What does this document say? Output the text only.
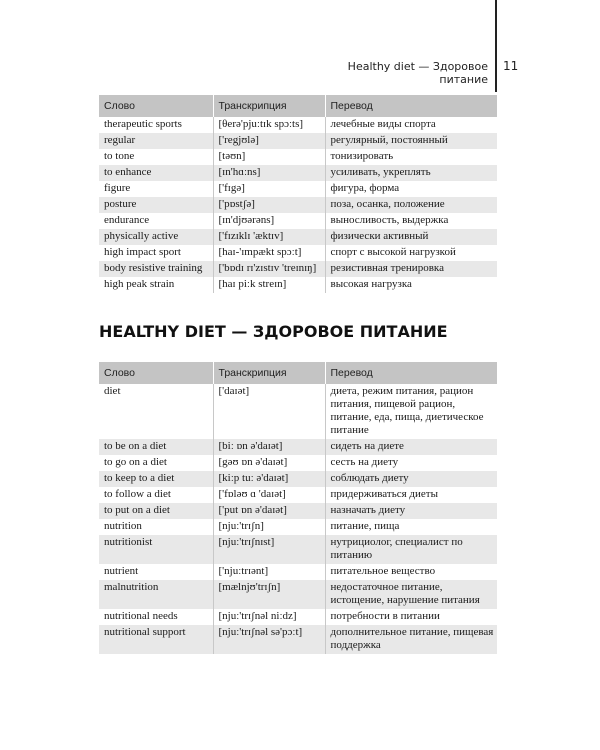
Healthy diet — Здоровое питание
11
Слово	Транскрипция	Перевод
therapeutic sports	[θerə'pjuːtɪk spɔːts]	лечебные виды спорта
regular	['regjʊlə]	регулярный, постоянный
to tone	[təʊn]	тонизировать
to enhance	[ɪn'hɑːns]	усиливать, укреплять
figure	['fɪgə]	фигура, форма
posture	['pɒstʃə]	поза, осанка, положение
endurance	[ɪn'djʊərəns]	выносливость, выдержка
physically active	['fɪzɪklɪ 'æktɪv]	физически активный
high impact sport	[haɪ-'ɪmpækt spɔːt]	спорт с высокой нагрузкой
body resistive training	['bɒdɪ rɪ'zɪstɪv 'treɪnɪŋ]	резистивная тренировка
high peak strain	[haɪ piːk streɪn]	высокая нагрузка
HEALTHY DIET — ЗДОРОВОЕ ПИТАНИЕ
Слово	Транскрипция	Перевод
diet	['daɪət]	диета, режим питания, рацион питания, пищевой рацион, питание, еда, пища, диетическое питание
to be on a diet	[biː ɒn ə'daɪət]	сидеть на диете
to go on a diet	[gəʊ ɒn ə'daɪət]	сесть на диету
to keep to a diet	[kiːp tuː ə'daɪət]	соблюдать диету
to follow a diet	['fɒləʊ ɑ 'daɪət]	придерживаться диеты
to put on a diet	['put ɒn ə'daɪət]	назначать диету
nutrition	[njuː'trɪʃn]	питание, пища
nutritionist	[njuː'trɪʃnɪst]	нутрициолог, специалист по питанию
nutrient	['njuːtrɪənt]	питательное вещество
malnutrition	[mælnjʊ'trɪʃn]	недостаточное питание, истощение, нарушение питания
nutritional needs	[njuː'trɪʃnəl niːdz]	потребности в питании
nutritional support	[njuː'trɪʃnəl sə'pɔːt]	дополнительное питание, пищевая поддержка
